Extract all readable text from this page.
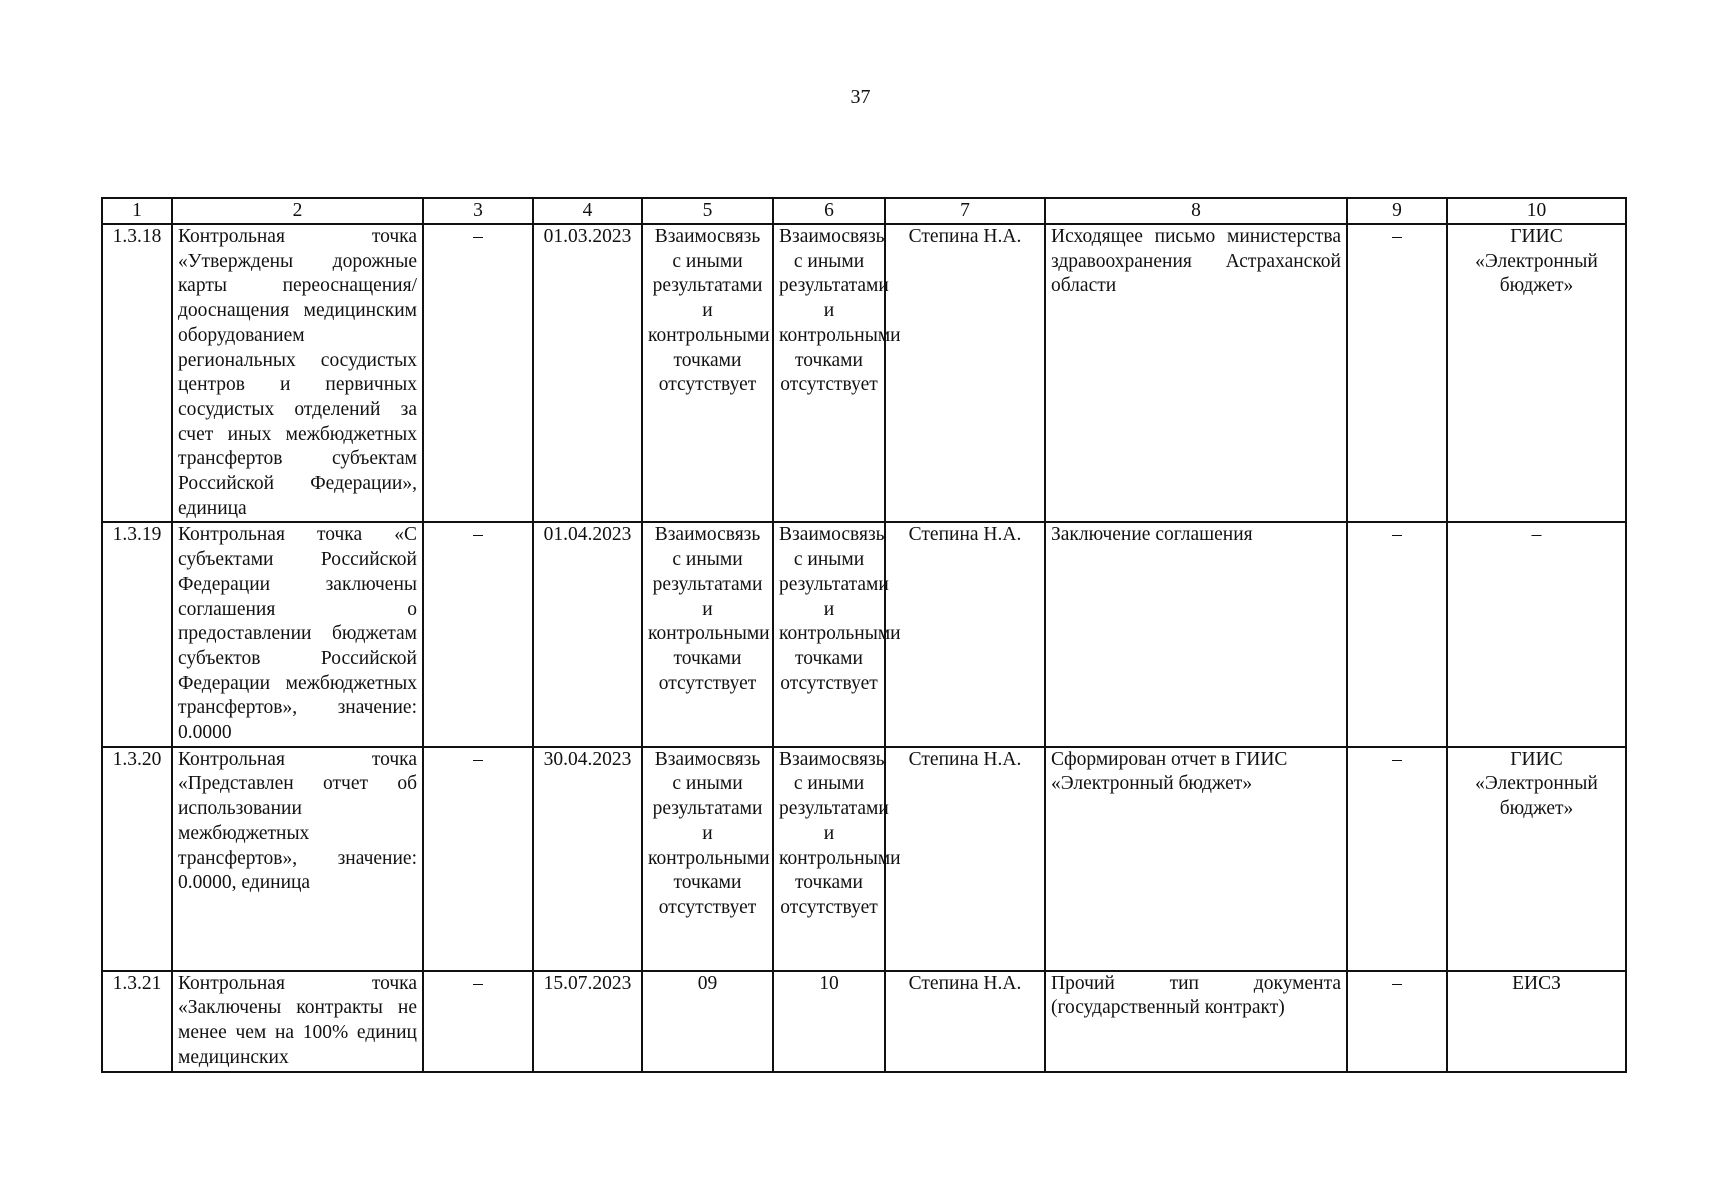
37
1	2	3	4	5	6	7	8	9	10
1.3.18	Контрольная точка «Утверждены дорожные карты переоснащения/дооснащения медицинским оборудованием региональных сосудистых центров и первичных сосудистых отделений за счет иных межбюджетных трансфертов субъектам Российской Федерации», единица	–	01.03.2023	Взаимосвязь с иными результатами и контрольными точками отсутствует	Взаимосвязь с иными результатами и контрольными точками отсутствует	Степина Н.А.	Исходящее письмо министерства здравоохранения Астраханской области	–	ГИИС «Электронный бюджет»
1.3.19	Контрольная точка «С субъектами Российской Федерации заключены соглашения о предоставлении бюджетам субъектов Российской Федерации межбюджетных трансфертов», значение: 0.0000	–	01.04.2023	Взаимосвязь с иными результатами и контрольными точками отсутствует	Взаимосвязь с иными результатами и контрольными точками отсутствует	Степина Н.А.	Заключение соглашения	–	–
1.3.20	Контрольная точка «Представлен отчет об использовании межбюджетных трансфертов», значение: 0.0000, единица	–	30.04.2023	Взаимосвязь с иными результатами и контрольными точками отсутствует	Взаимосвязь с иными результатами и контрольными точками отсутствует	Степина Н.А.	Сформирован отчет в ГИИС «Электронный бюджет»	–	ГИИС «Электронный бюджет»
1.3.21	Контрольная точка «Заключены контракты не менее чем на 100% единиц медицинских	–	15.07.2023	09	10	Степина Н.А.	Прочий тип документа (государственный контракт)	–	ЕИСЗ
